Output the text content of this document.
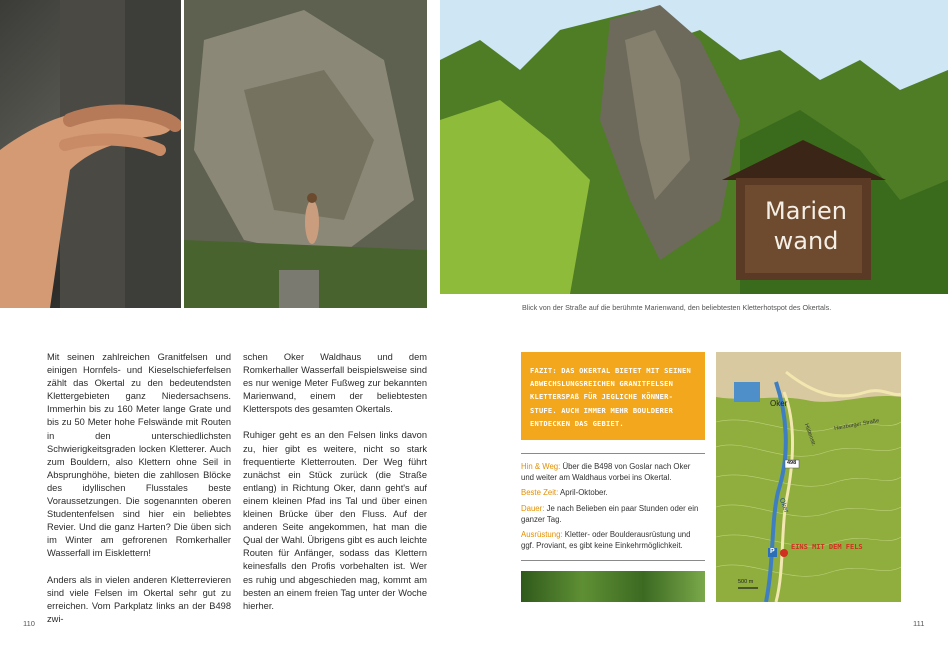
Marien
wand
Blick von der Straße auf die berühmte Marienwand, den beliebtesten Kletterhotspot des Okertals.

Mit seinen zahlreichen Granitfelsen und einigen Hornfels- und Kieselschieferfelsen zählt das Okertal zu den bedeutendsten Klettergebieten ganz Niedersachsens. Immerhin bis zu 160 Meter lange Grate und bis zu 50 Meter hohe Felswände mit Routen in den unterschiedlichsten Schwierigkeitsgraden locken Kletterer. Auch zum Bouldern, also Klettern ohne Seil in Absprunghöhe, bieten die zahllosen Blöcke des idyllischen Flusstales beste Voraussetzungen. Die sogenannten oberen Studentenfelsen sind hier ein beliebtes Revier. Und die ganz Harten? Die üben sich im Winter am gefrorenen Romkerhaller Wasserfall im Eisklettern!

Anders als in vielen anderen Kletterrevieren sind viele Felsen im Okertal sehr gut zu erreichen. Vom Parkplatz links an der B498 zwi-

schen Oker Waldhaus und dem Romkerhaller Wasserfall beispielsweise sind es nur wenige Meter Fußweg zur bekannten Marienwand, einem der beliebtesten Kletterspots des gesamten Okertals.

Ruhiger geht es an den Felsen links davon zu, hier gibt es weitere, nicht so stark frequentierte Kletterrouten. Der Weg führt zunächst ein Stück zurück (die Straße entlang) in Richtung Oker, dann geht's auf einem kleinen Pfad ins Tal und über einen kleinen Brücke über den Fluss. Auf der anderen Seite angekommen, hat man die Qual der Wahl. Übrigens gibt es auch leichte Routen für Anfänger, sodass das Klettern keinesfalls den Profis vorbehalten ist. Wer es ruhig und abgeschieden mag, kommt am besten an einem freien Tag unter der Woche hierher.

FAZIT: DAS OKERTAL BIETET MIT SEINEN
ABWECHSLUNGSREICHEN GRANITFELSEN
KLETTERSPAß FÜR JEGLICHE KÖNNER-
STUFE. AUCH IMMER MEHR BOULDERER
ENTDECKEN DAS GEBIET.
Hin & Weg: Über die B498 von Goslar nach Oker und weiter am Waldhaus vorbei ins Okertal.
Beste Zeit: April-Oktober.
Dauer: Je nach Belieben ein paar Stunden oder ein ganzer Tag.
Ausrüstung: Kletter- oder Boulderausrüstung und ggf. Proviant, es gibt keine Einkehrmöglichkeit.
Oker
Harzburger Straße
Hüttenstr.
Oker
498
P
EINS MIT DEM FELS
500 m
110	111
